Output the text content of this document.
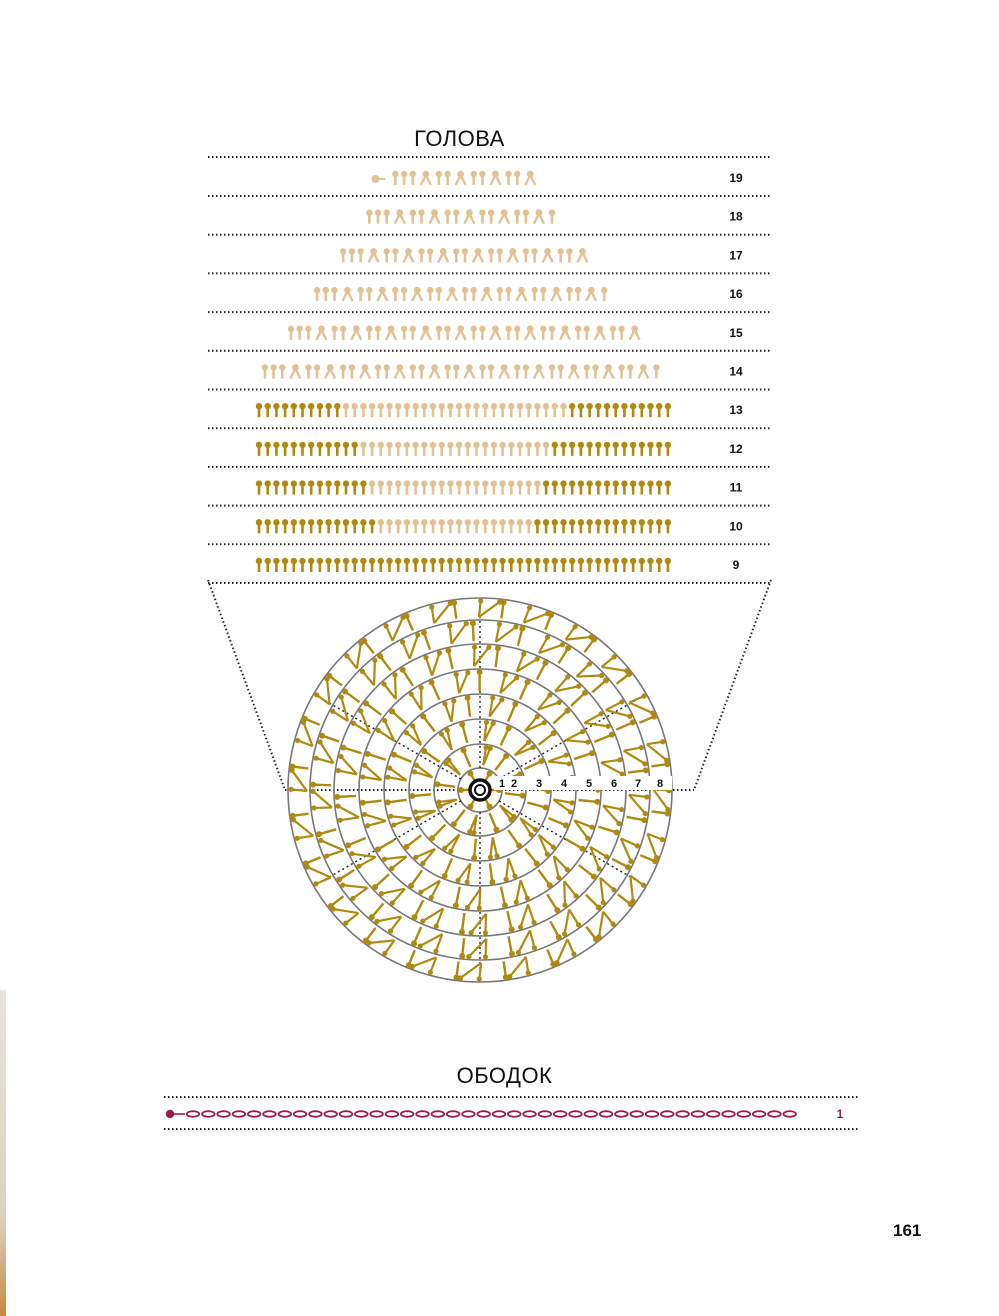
ГОЛОВА
ОБОДОК
161
19
18
17
16
15
14
13
12
11
10
9
1 2 3 4 5 6 7 8
1
